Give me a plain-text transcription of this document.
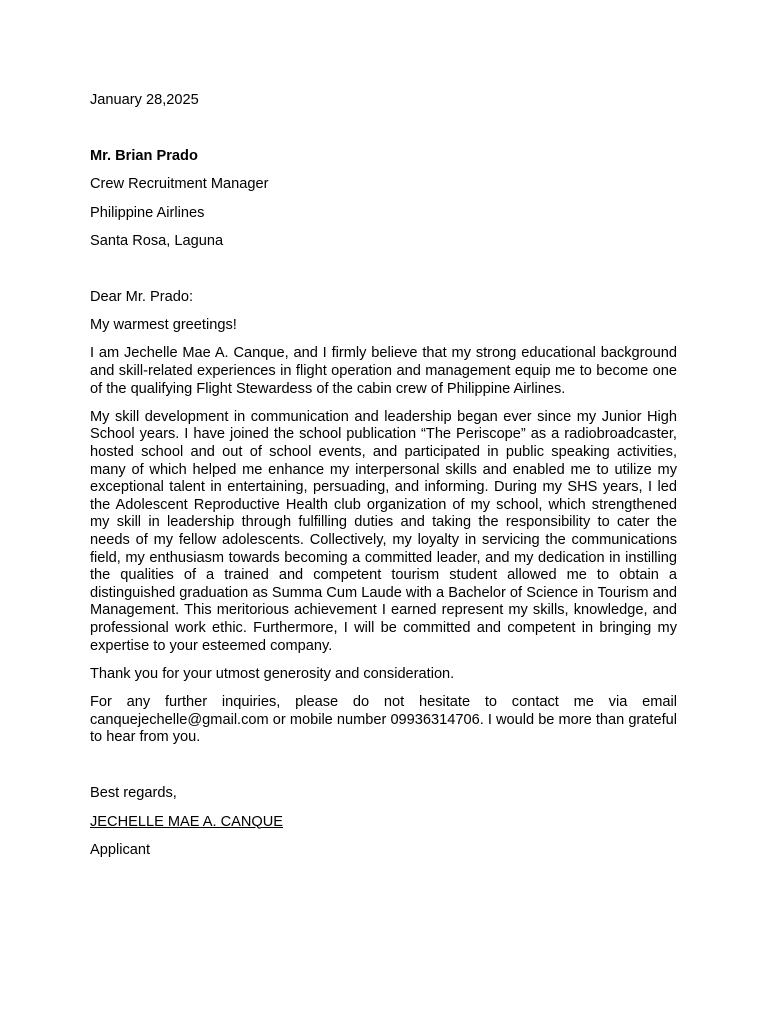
January 28,2025
Mr. Brian Prado
Crew Recruitment Manager
Philippine Airlines
Santa Rosa, Laguna
Dear Mr. Prado:
My warmest greetings!

I am Jechelle Mae A. Canque, and I firmly believe that my strong educational background and skill-related experiences in flight operation and management equip me to become one of the qualifying Flight Stewardess of the cabin crew of Philippine Airlines.

My skill development in communication and leadership began ever since my Junior High School years. I have joined the school publication “The Periscope” as a radiobroadcaster, hosted school and out of school events, and participated in public speaking activities, many of which helped me enhance my interpersonal skills and enabled me to utilize my exceptional talent in entertaining, persuading, and informing. During my SHS years, I led the Adolescent Reproductive Health club organization of my school, which strengthened my skill in leadership through fulfilling duties and taking the responsibility to cater the needs of my fellow adolescents. Collectively, my loyalty in servicing the communications field, my enthusiasm towards becoming a committed leader, and my dedication in instilling the qualities of a trained and competent tourism student allowed me to obtain a distinguished graduation as Summa Cum Laude with a Bachelor of Science in Tourism and Management. This meritorious achievement I earned represent my skills, knowledge, and professional work ethic. Furthermore, I will be committed and competent in bringing my expertise to your esteemed company.

Thank you for your utmost generosity and consideration.

For any further inquiries, please do not hesitate to contact me via email canquejechelle@gmail.com or mobile number 09936314706. I would be more than grateful to hear from you.

Best regards,
JECHELLE MAE A. CANQUE
Applicant
